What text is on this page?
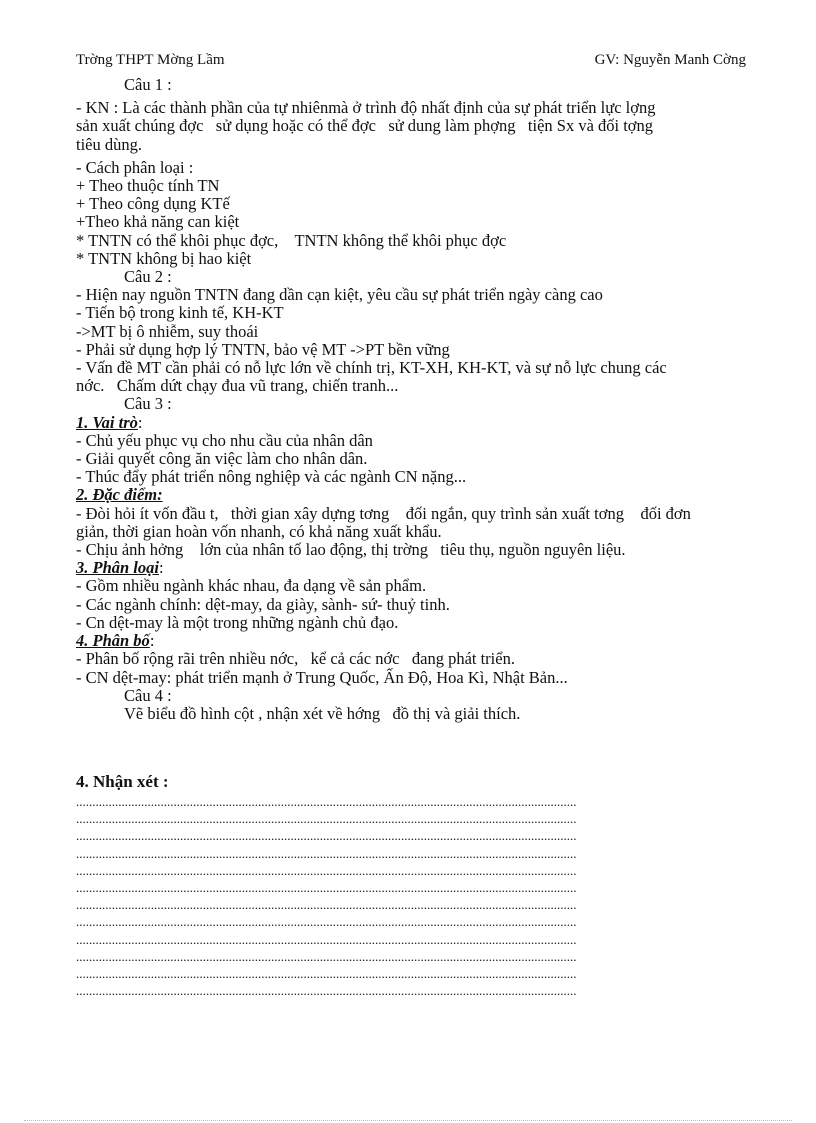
Trờng THPT Mờng Lầm	GV: Nguyễn Manh Cờng
Câu 1 :
- KN : Là các thành phần của tự nhiênmà ở trình độ nhất định của sự phát triển lực lợng
sản xuất chúng đợc   sử dụng hoặc có thể đợc   sử dung làm phợng   tiện Sx và đối tợng
tiêu dùng.
- Cách phân loại :
+ Theo thuộc tính TN
+ Theo công dụng KTế
+Theo khả năng can kiệt
* TNTN có thể khôi phục đợc,    TNTN không thể khôi phục đợc
* TNTN không bị hao kiệt
Câu 2 :
- Hiện nay nguồn TNTN đang dần cạn kiệt, yêu cầu sự phát triển ngày càng cao
- Tiến bộ trong kinh tế, KH-KT
->MT bị ô nhiễm, suy thoái
- Phải sử dụng hợp lý TNTN, bảo vệ MT ->PT bền vững
- Vấn đề MT cần phải có nỗ lực lớn về chính trị, KT-XH, KH-KT, và sự nỗ lực chung các
nớc.   Chấm dứt chạy đua vũ trang, chiến tranh...
Câu 3 :
1. Vai trò:
- Chủ yếu phục vụ cho nhu cầu của nhân dân
- Giải quyết công ăn việc làm cho nhân dân.
- Thúc đẩy phát triển nông nghiệp và các ngành CN nặng...
2. Đặc điểm:
- Đòi hỏi ít vốn đầu t,   thời gian xây dựng tơng    đối ngắn, quy trình sản xuất tơng    đối đơn
giản, thời gian hoàn vốn nhanh, có khả năng xuất khẩu.
- Chịu ảnh hởng    lớn của nhân tố lao động, thị trờng   tiêu thụ, nguồn nguyên liệu.
3. Phân loại:
- Gồm nhiều ngành khác nhau, đa dạng về sản phẩm.
- Các ngành chính: dệt-may, da giày, sành- sứ- thuỷ tinh.
- Cn dệt-may là một trong những ngành chủ đạo.
4. Phân bố:
- Phân bố rộng rãi trên nhiều nớc,   kể cả các nớc   đang phát triển.
- CN dệt-may: phát triển mạnh ở Trung Quốc, Ấn Độ, Hoa Kì, Nhật Bản...
Câu 4 :
Vẽ biểu đồ hình cột , nhận xét về hớng   đồ thị và giải thích.
4. Nhận xét :
..........................................................................................................................................................
..........................................................................................................................................................
..........................................................................................................................................................
..........................................................................................................................................................
..........................................................................................................................................................
..........................................................................................................................................................
..........................................................................................................................................................
..........................................................................................................................................................
..........................................................................................................................................................
..........................................................................................................................................................
..........................................................................................................................................................
..........................................................................................................................................................
